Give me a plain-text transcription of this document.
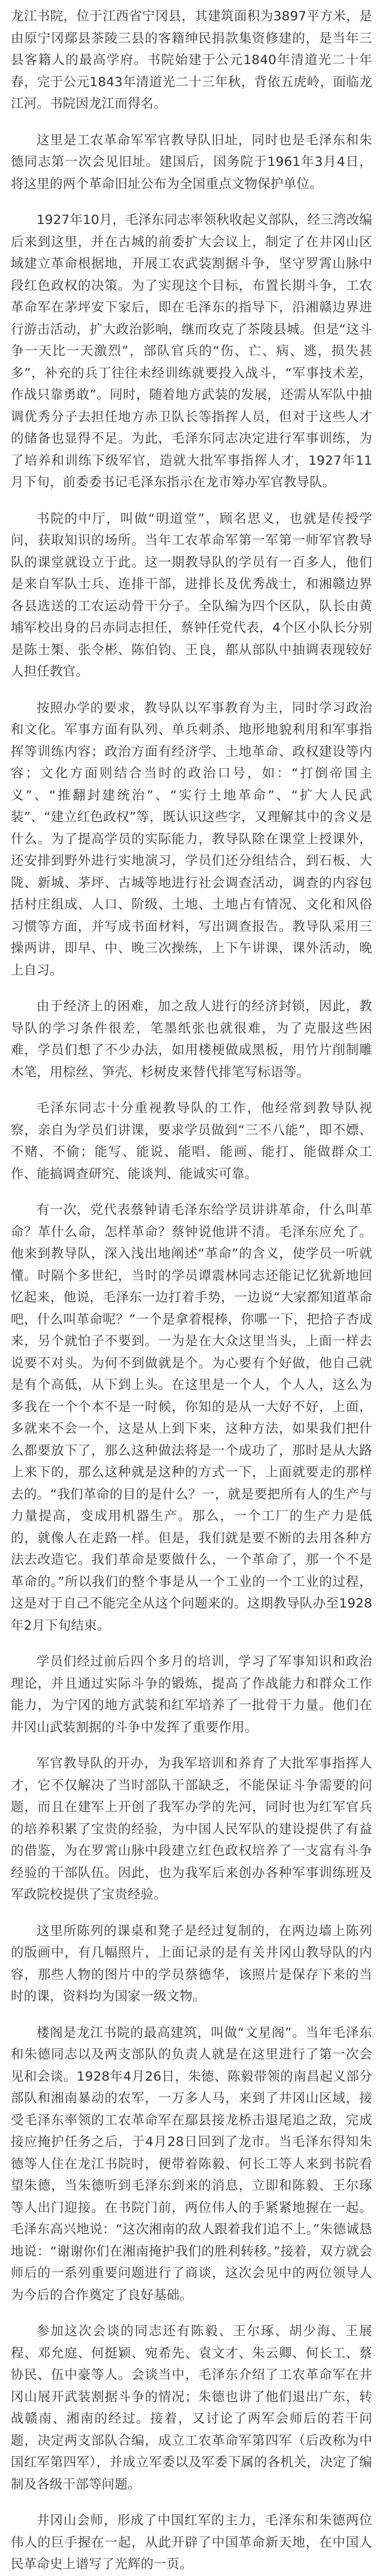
龙江书院，位于江西省宁冈县，其建筑面积为3897平方米，是由原宁冈鄢县茶陵三县的客籍绅民捐款集资修建的，是当年三县客籍人的最高学府。书院始建于公元1840年清道光二十年春，完于公元1843年清道光二十三年秋，背依五虎岭，面临龙江河。书院因龙江而得名。

这里是工农革命军军官教导队旧址，同时也是毛泽东和朱德同志第一次会见旧址。建国后，国务院于1961年3月4日，将这里的两个革命旧址公布为全国重点文物保护单位。

1927年10月，毛泽东同志率领秋收起义部队，经三湾改编后来到这里，并在古城的前委扩大会议上，制定了在井冈山区域建立革命根据地，开展工农武装割据斗争，坚守罗霄山脉中段红色政权的决策。为了实现这个目标，布置长期斗争，工农革命军在茅坪安下家后，即在毛泽东的指导下，沿湘赣边界进行游击活动，扩大政治影响，继而攻克了茶陵县城。但是“这斗争一天比一天激烈”，部队官兵的“伤、亡、病、逃，损失甚多”，补充的兵丁往往未经训练就要投入战斗，“军事技术差，作战只靠勇敢”。同时，随着地方武装的发展，还需从军队中抽调优秀分子去担任地方赤卫队长等指挥人员，但对于这些人才的储备也显得不足。为此，毛泽东同志决定进行军事训练，为了培养和训练下级军官，造就大批军事指挥人才，1927年11月下旬，前委委书记毛泽东指示在龙市筹办军官教导队。

书院的中厅，叫做“明道堂”，顾名思义，也就是传授学问，获取知识的场所。当年工农革命军第一军第一师军官教导队的课堂就设立于此。这一期教导队的学员有一百多人，他们是来自军队士兵、连排干部，进排长及优秀战士，和湘赣边界各县选送的工农运动骨干分子。全队编为四个区队，队长由黄埔军校出身的吕赤同志担任，蔡钟任党代表，4个区小队长分别是陈士榘、张令彬、陈伯钧、王良，都从部队中抽调表现较好人担任教官。

按照办学的要求，教导队以军事教育为主，同时学习政治和文化。军事方面有队列、单兵刺杀、地形地貌利用和军事指挥等训练内容；政治方面有经济学、土地革命、政权建设等内容；文化方面则结合当时的政治口号，如：“打倒帝国主义”、“推翻封建统治”、“实行土地革命”、“扩大人民武装”、“建立红色政权”等，既认识这些字，又理解其中的含义是什么。为了提高学员的实际能力，教导队除在课堂上授课外，还安排到野外进行实地演习，学员们还分组结合，到石板、大陇、新城、茅坪、古城等地进行社会调查活动，调查的内容包括村庄组成、人口、阶级、土地、土地占有情况、文化和风俗习惯等方面，并写成书面材料，写出调查报告。教导队采用三操两讲，即早、中、晚三次操练，上下午讲课，课外活动，晚上自习。

由于经济上的困难，加之敌人进行的经济封锁，因此，教导队的学习条件很差，笔墨纸张也就很难，为了克服这些困难，学员们想了不少办法，如用楼梗做成黑板，用竹片削制雕木笔，用棕丝、笋壳、杉树皮来替代排笔写标语等。

毛泽东同志十分重视教导队的工作，他经常到教导队视察，亲自为学员们讲课，要求学员做到“三不八能”，即不嫖、不赌、不偷；能写、能说、能唱、能画、能打、能做群众工作、能搞调查研究、能谈判、能诚实可靠。

有一次，党代表蔡钟请毛泽东给学员讲讲革命，什么叫革命？革什么命，怎样革命？蔡钟说他讲不清。毛泽东应允了。他来到教导队，深入浅出地阐述“革命”的含义，使学员一听就懂。时隔个多世纪，当时的学员谭震林同志还能记忆犹新地回忆起来，他说，毛泽东一边打着手势，一边说“大家都知道革命吧，什么叫革命呢？”一个是拿着棍棒，你哪一下，把拾子杏成来，另个就怕子不要到。一为是在大众这里当头，上面一样去说要不对头。为何不到做就是个。为心要有个好做，他自己就是有个高低，从下到上头。在这里是一个人，个人人，这么为多我在一个个本不是一时候，你知的是从一大好不好，上面，多就来不会一个，这是从上到下来，这种方法，如果我们把什么都要放下了，那么这种做法将是一个成功了，那时是从大路上来下的，那么这种就是这种的方式一下，上面就要走的那样去的。“我们革命的目的是什么？一，就是要把所有人的生产与力量提高，变成用机器生产。那么，一个工厂的生产力是低的，就像人在走路一样。但是，我们就是要不断的去用各种方法去改造它。我们革命是要做什么，一个革命了，那一个不是革命的。”所以我们的整个事是从一个工业的一个工业的过程，这是对于自己不能完全从这个问题来的。这期教导队办至1928年2月下旬结束。

学员们经过前后四个多月的培训，学习了军事知识和政治理论，并且通过实际斗争的锻炼，提高了作战能力和群众工作能力，为宁冈的地方武装和红军培养了一批骨干力量。他们在井冈山武装割据的斗争中发挥了重要作用。

军官教导队的开办，为我军培训和养育了大批军事指挥人才，它不仅解决了当时部队干部缺乏，不能保证斗争需要的问题，而且在建军上开创了我军办学的先河，同时也为红军官兵的培养积累了宝贵的经验，为中国人民军队的建设提供了有益的借鉴，为在罗霄山脉中段建立红色政权培养了一支富有斗争经验的干部队伍。因此，也为我军后来创办各种军事训练班及军政院校提供了宝贵经验。

这里所陈列的课桌和凳子是经过复制的，在两边墙上陈列的版画中，有几幅照片，上面记录的是有关井冈山教导队的内容，那些人物的图片中的学员蔡德华，该照片是保存下来的当时的课，资料均为国家一级文物。

楼阁是龙江书院的最高建筑，叫做“文星阁”。当年毛泽东和朱德同志以及两支部队的负责人就是在这里进行了第一次会见和会谈。1928年4月26日，朱德、陈毅带领的南昌起义部分部队和湘南暴动的农军，一万多人马，来到了井冈山区域，接受毛泽东率领的工农革命军在鄢县接龙桥击退尾追之敌，完成接应掩护任务之后，于4月28日回到了龙市。当毛泽东得知朱德等人住在龙江书院时，便带着陈毅、何长工等人来到书院看望朱德，当朱德听到毛泽东到来的消息，立即和陈毅、王尔琢等人出门迎接。在书院门前，两位伟人的手紧紧地握在一起。毛泽东高兴地说：“这次湘南的敌人跟着我们追不上。”朱德诚恳地说：“谢谢你们在湘南掩护我们的胜利转移。”接着，双方就会师后的一系列重要问题进行了商谈，这次会见中的两位领导人为今后的合作奠定了良好基础。

参加这次会谈的同志还有陈毅、王尔琢、胡少海、王展程、邓允庭、何挺颖、宛希先、袁文才、朱云卿、何长工、蔡协民、伍中豪等人。会谈当中，毛泽东介绍了工农革命军在井冈山展开武装割据斗争的情况；朱德也讲了他们退出广东，转战赣南、湘南的经过。接着，又讨论了两军会师后的若干问题，决定两支部队合编，成立工农革命军第四军（后改称为中国红军第四军），并成立军委以及军委下属的各机关，决定了编制及各级干部等问题。

井冈山会师，形成了中国红军的主力，毛泽东和朱德两位伟人的巨手握在一起，从此开辟了中国革命新天地，在中国人民革命史上谱写了光辉的一页。
